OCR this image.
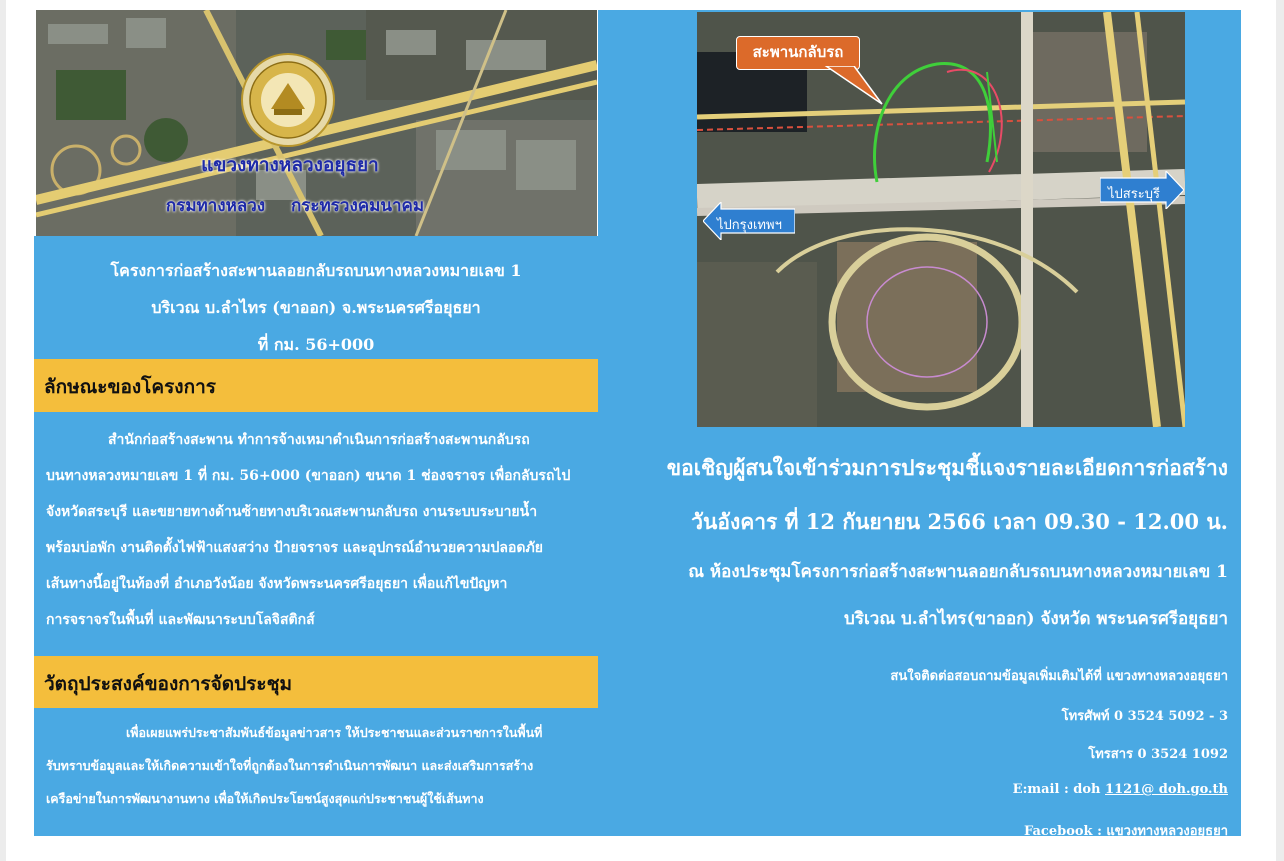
แขวงทางหลวงอยุธยา
กรมทางหลวง กระทรวงคมนาคม
โครงการก่อสร้างสะพานลอยกลับรถบนทางหลวงหมายเลข 1
บริเวณ บ.ลำไทร (ขาออก) จ.พระนครศรีอยุธยา
ที่ กม. 56+000
ลักษณะของโครงการ
สำนักก่อสร้างสะพาน ทำการจ้างเหมาดำเนินการก่อสร้างสะพานกลับรถ
บนทางหลวงหมายเลข 1 ที่ กม. 56+000 (ขาออก) ขนาด 1 ช่องจราจร เพื่อกลับรถไป
จังหวัดสระบุรี และขยายทางด้านซ้ายทางบริเวณสะพานกลับรถ งานระบบระบายน้ำ
พร้อมบ่อพัก งานติดตั้งไฟฟ้าแสงสว่าง ป้ายจราจร และอุปกรณ์อำนวยความปลอดภัย
เส้นทางนี้อยู่ในท้องที่ อำเภอวังน้อย จังหวัดพระนครศรีอยุธยา เพื่อแก้ไขปัญหา
การจราจรในพื้นที่ และพัฒนาระบบโลจิสติกส์
วัตถุประสงค์ของการจัดประชุม
เพื่อเผยแพร่ประชาสัมพันธ์ข้อมูลข่าวสาร ให้ประชาชนและส่วนราชการในพื้นที่
รับทราบข้อมูลและให้เกิดความเข้าใจที่ถูกต้องในการดำเนินการพัฒนา และส่งเสริมการสร้าง
เครือข่ายในการพัฒนางานทาง เพื่อให้เกิดประโยชน์สูงสุดแก่ประชาชนผู้ใช้เส้นทาง
สะพานกลับรถ
ไปสระบุรี
ไปกรุงเทพฯ
ขอเชิญผู้สนใจเข้าร่วมการประชุมชี้แจงรายละเอียดการก่อสร้าง
วันอังคาร ที่ 12 กันยายน 2566 เวลา 09.30 - 12.00 น.
ณ ห้องประชุมโครงการก่อสร้างสะพานลอยกลับรถบนทางหลวงหมายเลข 1
บริเวณ บ.ลำไทร(ขาออก) จังหวัด พระนครศรีอยุธยา
สนใจติดต่อสอบถามข้อมูลเพิ่มเติมได้ที่ แขวงทางหลวงอยุธยา
โทรศัพท์ 0 3524 5092 - 3
โทรสาร 0 3524 1092
E:mail : doh 1121@ doh.go.th
Facebook : แขวงทางหลวงอยุธยา
